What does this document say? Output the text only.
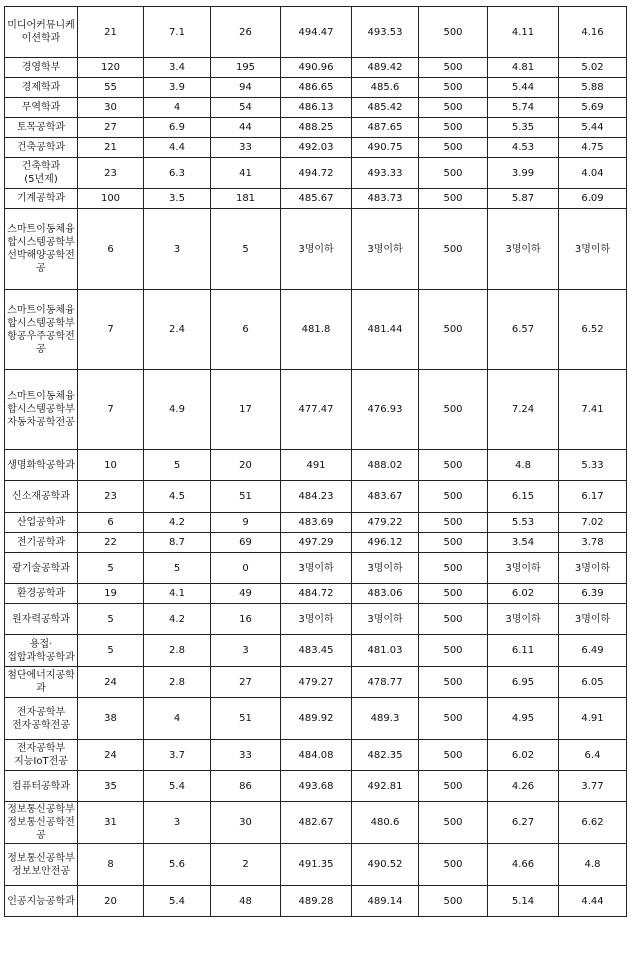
미디어커뮤니케이션학과	21	7.1	26	494.47	493.53	500	4.11	4.16
경영학부	120	3.4	195	490.96	489.42	500	4.81	5.02
경제학과	55	3.9	94	486.65	485.6	500	5.44	5.88
무역학과	30	4	54	486.13	485.42	500	5.74	5.69
토목공학과	27	6.9	44	488.25	487.65	500	5.35	5.44
건축공학과	21	4.4	33	492.03	490.75	500	4.53	4.75
건축학과(5년제)	23	6.3	41	494.72	493.33	500	3.99	4.04
기계공학과	100	3.5	181	485.67	483.73	500	5.87	6.09
스마트이동체융합시스템공학부 선박해양공학전공	6	3	5	3명이하	3명이하	500	3명이하	3명이하
스마트이동체융합시스템공학부 항공우주공학전공	7	2.4	6	481.8	481.44	500	6.57	6.52
스마트이동체융합시스템공학부 자동차공학전공	7	4.9	17	477.47	476.93	500	7.24	7.41
생명화학공학과	10	5	20	491	488.02	500	4.8	5.33
신소재공학과	23	4.5	51	484.23	483.67	500	6.15	6.17
산업공학과	6	4.2	9	483.69	479.22	500	5.53	7.02
전기공학과	22	8.7	69	497.29	496.12	500	3.54	3.78
광기술공학과	5	5	0	3명이하	3명이하	500	3명이하	3명이하
환경공학과	19	4.1	49	484.72	483.06	500	6.02	6.39
원자력공학과	5	4.2	16	3명이하	3명이하	500	3명이하	3명이하
용접·접합과학공학과	5	2.8	3	483.45	481.03	500	6.11	6.49
첨단에너지공학과	24	2.8	27	479.27	478.77	500	6.95	6.05
전자공학부 전자공학전공	38	4	51	489.92	489.3	500	4.95	4.91
전자공학부 지능IoT전공	24	3.7	33	484.08	482.35	500	6.02	6.4
컴퓨터공학과	35	5.4	86	493.68	492.81	500	4.26	3.77
정보통신공학부 정보통신공학전공	31	3	30	482.67	480.6	500	6.27	6.62
정보통신공학부 정보보안전공	8	5.6	2	491.35	490.52	500	4.66	4.8
인공지능공학과	20	5.4	48	489.28	489.14	500	5.14	4.44
